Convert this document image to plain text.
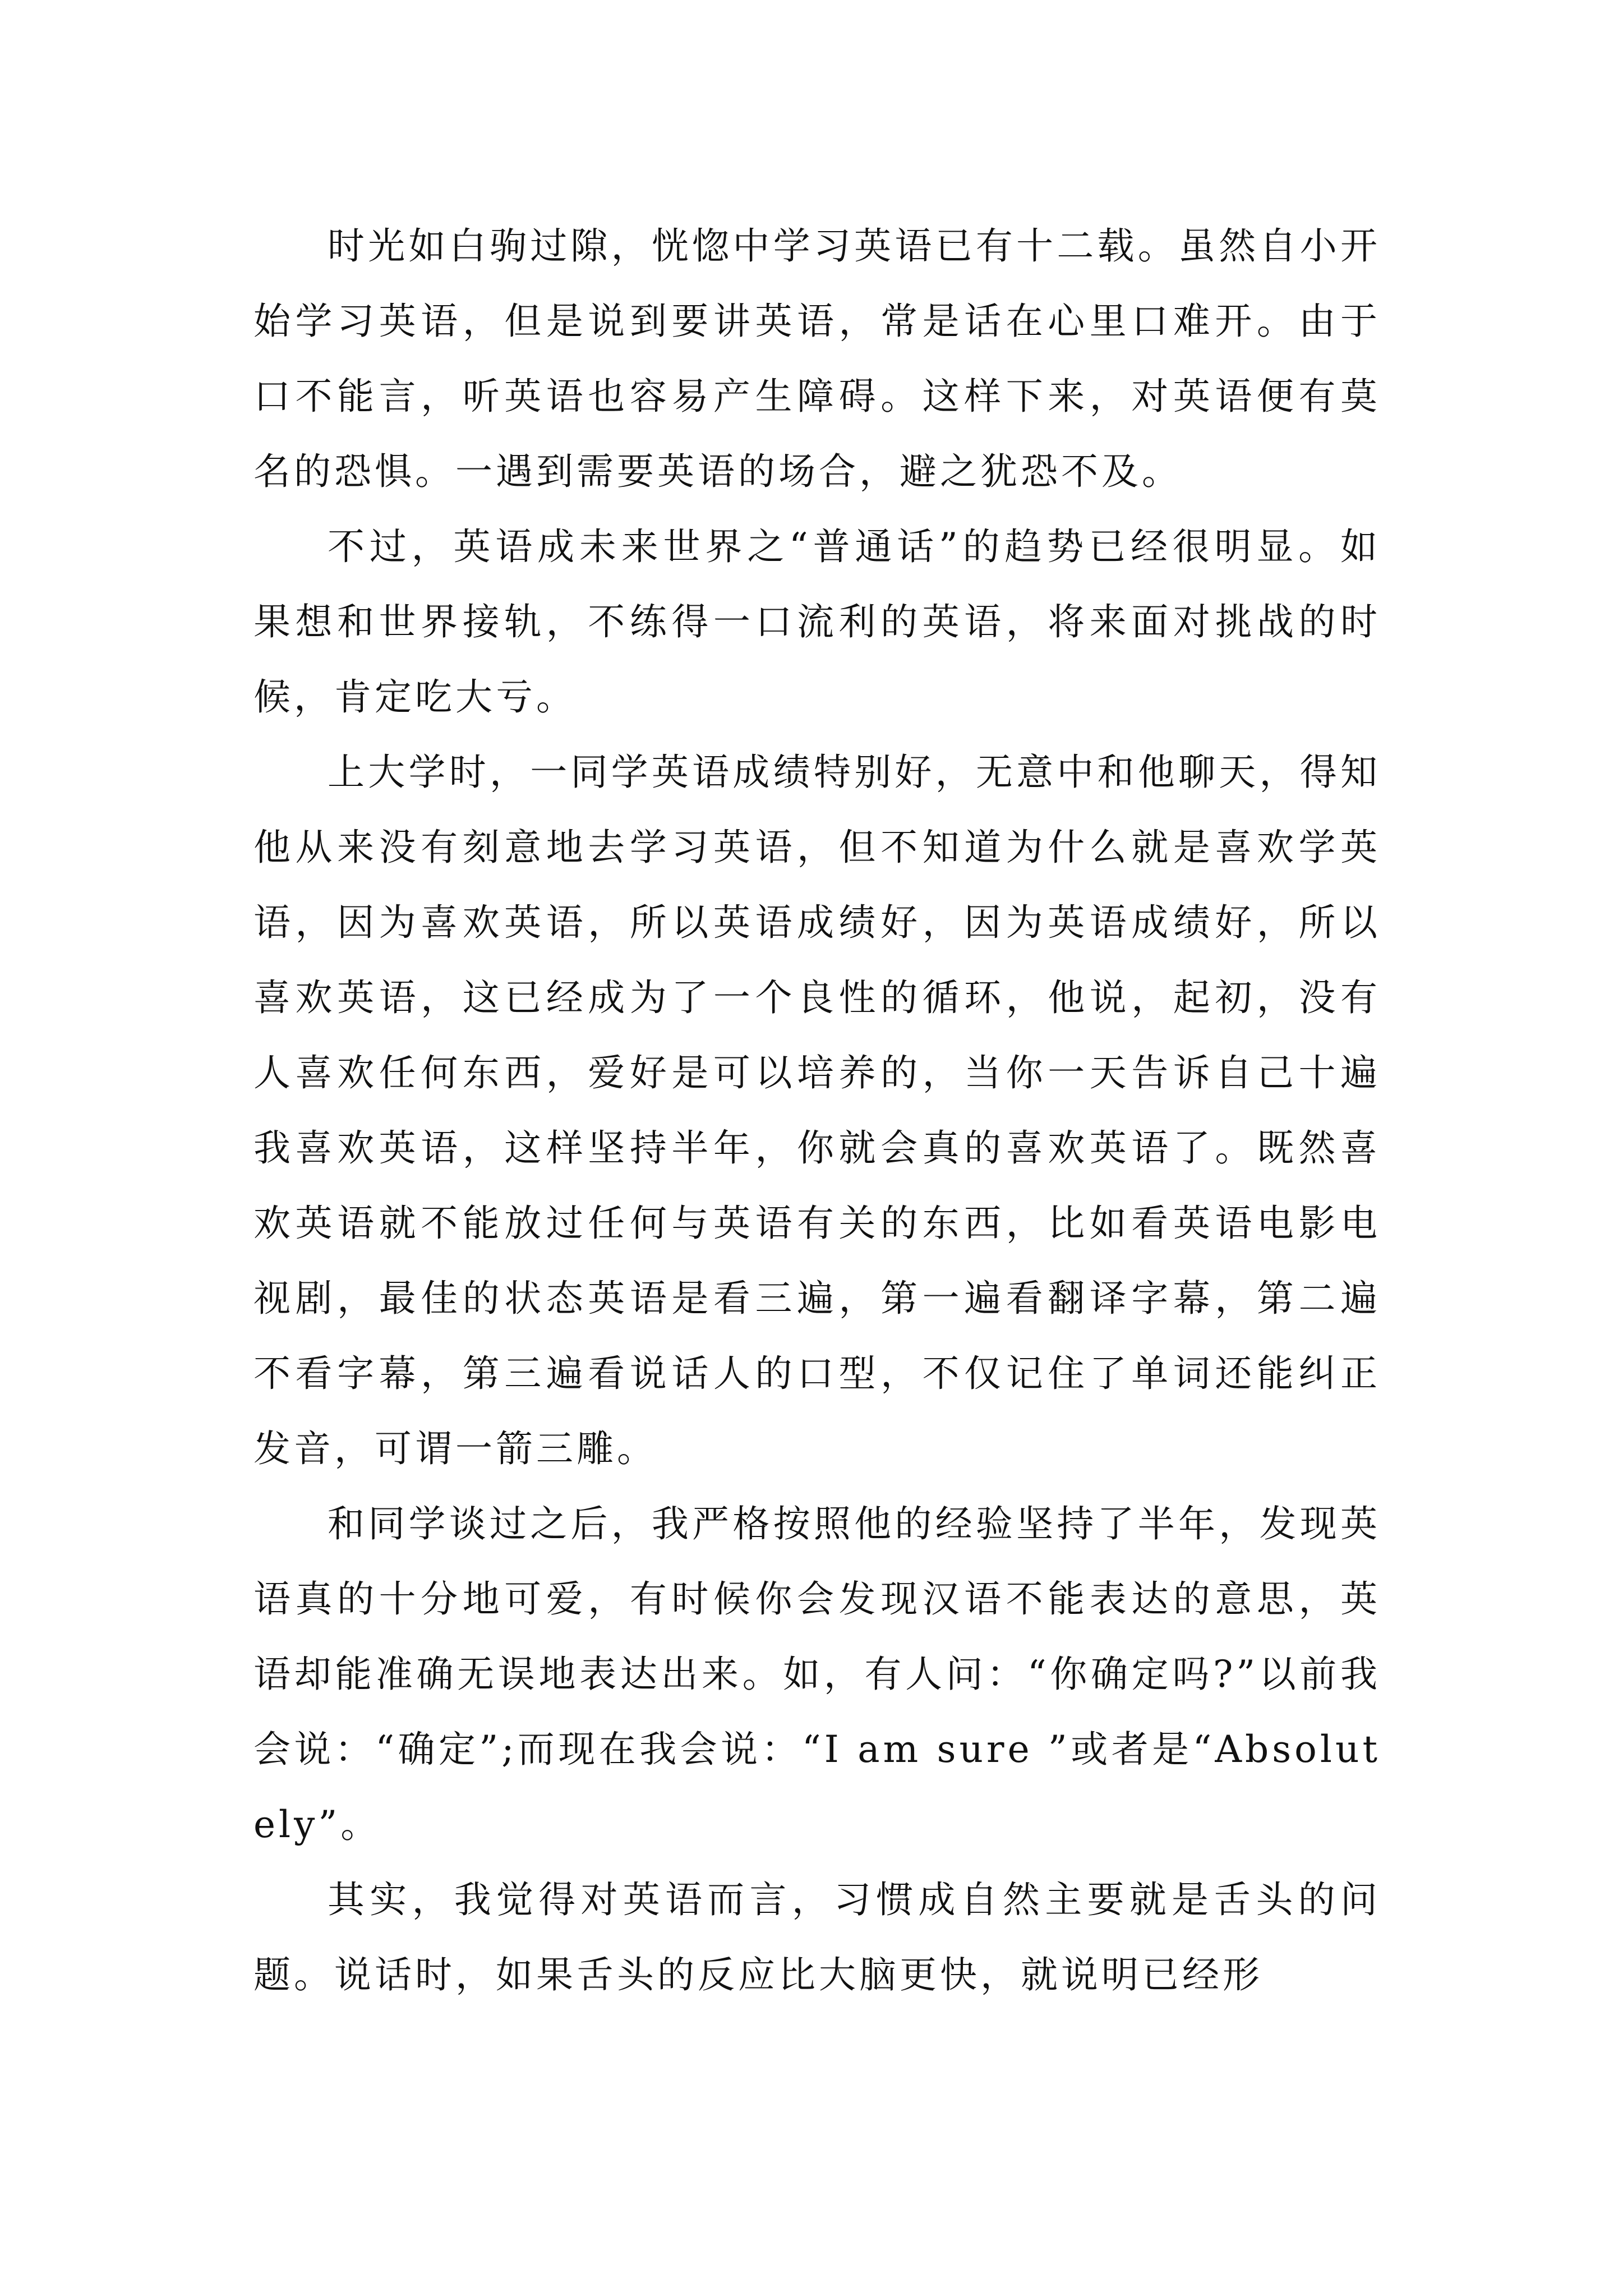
时光如白驹过隙，恍惚中学习英语已有十二载。虽然自小开始学习英语，但是说到要讲英语，常是话在心里口难开。由于口不能言，听英语也容易产生障碍。这样下来，对英语便有莫名的恐惧。一遇到需要英语的场合，避之犹恐不及。

不过，英语成未来世界之“普通话”的趋势已经很明显。如果想和世界接轨，不练得一口流利的英语，将来面对挑战的时候，肯定吃大亏。

上大学时，一同学英语成绩特别好，无意中和他聊天，得知他从来没有刻意地去学习英语，但不知道为什么就是喜欢学英语，因为喜欢英语，所以英语成绩好，因为英语成绩好，所以喜欢英语，这已经成为了一个良性的循环，他说，起初，没有人喜欢任何东西，爱好是可以培养的，当你一天告诉自己十遍我喜欢英语，这样坚持半年，你就会真的喜欢英语了。既然喜欢英语就不能放过任何与英语有关的东西，比如看英语电影电视剧，最佳的状态英语是看三遍，第一遍看翻译字幕，第二遍不看字幕，第三遍看说话人的口型，不仅记住了单词还能纠正发音，可谓一箭三雕。

和同学谈过之后，我严格按照他的经验坚持了半年，发现英语真的十分地可爱，有时候你会发现汉语不能表达的意思，英语却能准确无误地表达出来。如，有人问：“你确定吗?”以前我会说：“确定”;而现在我会说：“I am sure ”或者是“Absolutely”。

其实，我觉得对英语而言，习惯成自然主要就是舌头的问题。说话时，如果舌头的反应比大脑更快，就说明已经形
